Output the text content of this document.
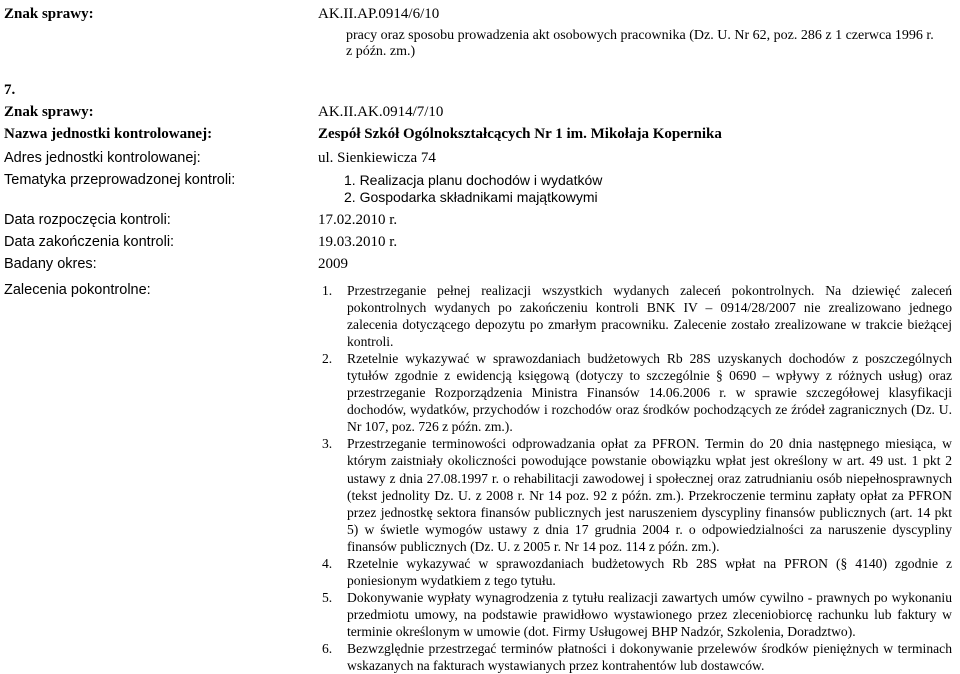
Znak sprawy:	AK.II.AP.0914/6/10
pracy oraz sposobu prowadzenia akt osobowych pracownika (Dz. U. Nr 62, poz. 286 z 1 czerwca 1996 r.
z późn. zm.)
7.
Znak sprawy:	AK.II.AK.0914/7/10
Nazwa jednostki kontrolowanej:	Zespół Szkół Ogólnokształcących Nr 1 im. Mikołaja Kopernika
Adres jednostki kontrolowanej:	ul. Sienkiewicza 74
Tematyka przeprowadzonej kontroli:	1. Realizacja planu dochodów i wydatków
2. Gospodarka składnikami majątkowymi
Data rozpoczęcia kontroli:	17.02.2010 r.
Data zakończenia kontroli:	19.03.2010 r.
Badany okres:	2009
Zalecenia pokontrolne:	1. Przestrzeganie pełnej realizacji wszystkich wydanych zaleceń pokontrolnych. Na dziewięć zaleceń pokontrolnych wydanych po zakończeniu kontroli BNK IV – 0914/28/2007 nie zrealizowano jednego zalecenia dotyczącego depozytu po zmarłym pracowniku. Zalecenie zostało zrealizowane w trakcie bieżącej kontroli.
2. Rzetelnie wykazywać w sprawozdaniach budżetowych Rb 28S uzyskanych dochodów z poszczególnych tytułów zgodnie z ewidencją księgową (dotyczy to szczególnie § 0690 – wpływy z różnych usług) oraz przestrzeganie Rozporządzenia Ministra Finansów 14.06.2006 r. w sprawie szczegółowej klasyfikacji dochodów, wydatków, przychodów i rozchodów oraz środków pochodzących ze źródeł zagranicznych (Dz. U. Nr 107, poz. 726 z późn. zm.).
3. Przestrzeganie terminowości odprowadzania opłat za PFRON. Termin do 20 dnia następnego miesiąca, w którym zaistniały okoliczności powodujące powstanie obowiązku wpłat jest określony w art. 49 ust. 1 pkt 2 ustawy z dnia 27.08.1997 r. o rehabilitacji zawodowej i społecznej oraz zatrudnianiu osób niepełnosprawnych (tekst jednolity Dz. U. z 2008 r. Nr 14 poz. 92 z późn. zm.). Przekroczenie terminu zapłaty opłat za PFRON przez jednostkę sektora finansów publicznych jest naruszeniem dyscypliny finansów publicznych (art. 14 pkt 5) w świetle wymogów ustawy z dnia 17 grudnia 2004 r. o odpowiedzialności za naruszenie dyscypliny finansów publicznych (Dz. U. z 2005 r. Nr 14 poz. 114 z późn. zm.).
4. Rzetelnie wykazywać w sprawozdaniach budżetowych Rb 28S wpłat na PFRON (§ 4140) zgodnie z poniesionym wydatkiem z tego tytułu.
5. Dokonywanie wypłaty wynagrodzenia z tytułu realizacji zawartych umów cywilno - prawnych po wykonaniu przedmiotu umowy, na podstawie prawidłowo wystawionego przez zleceniobiorcę rachunku lub faktury w terminie określonym w umowie (dot. Firmy Usługowej BHP Nadzór, Szkolenia, Doradztwo).
6. Bezwzględnie przestrzegać terminów płatności i dokonywanie przelewów środków pieniężnych w terminach wskazanych na fakturach wystawianych przez kontrahentów lub dostawców.
